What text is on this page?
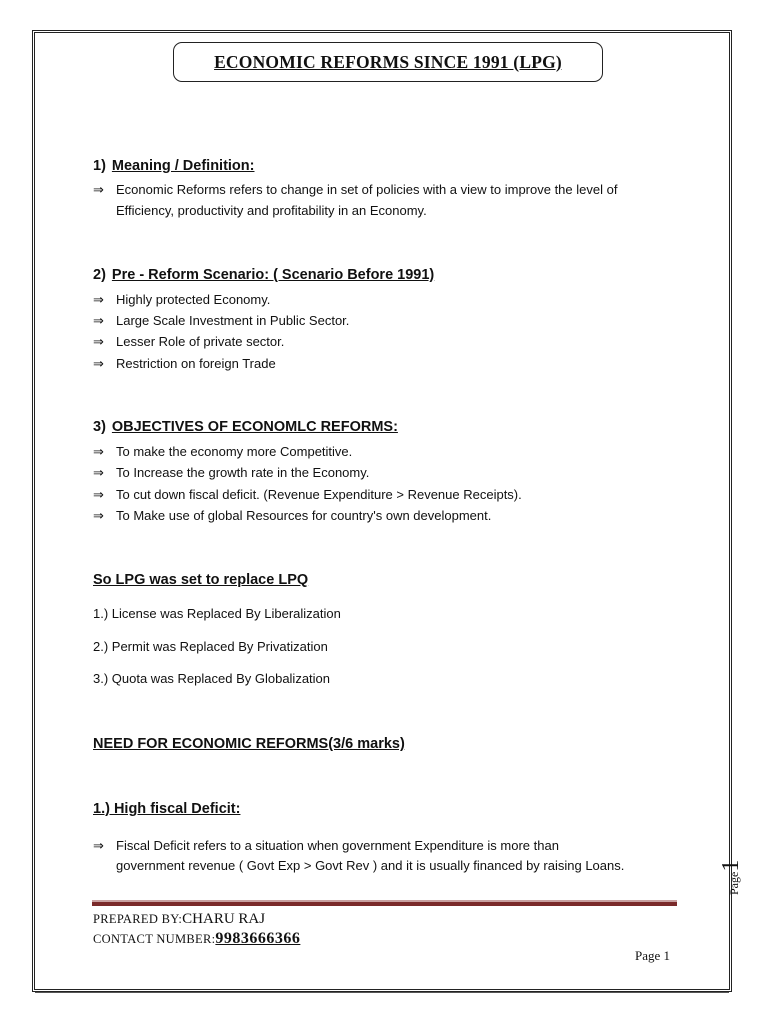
ECONOMIC REFORMS SINCE 1991 (LPG)
1) Meaning / Definition:
⇒ Economic Reforms refers to change in set of policies with a view to improve the level of
Efficiency, productivity and profitability in an Economy.
2) Pre - Reform Scenario: ( Scenario Before 1991)
⇒ Highly protected Economy.
⇒ Large Scale Investment in Public Sector.
⇒ Lesser Role of private sector.
⇒ Restriction on foreign Trade
3) OBJECTIVES OF ECONOMLC REFORMS:
⇒ To make the economy more Competitive.
⇒ To Increase the growth rate in the Economy.
⇒ To cut down fiscal deficit. (Revenue Expenditure > Revenue Receipts).
⇒ To Make use of global Resources for country's own development.
So LPG was set to replace LPQ
1.) License was Replaced By Liberalization
2.) Permit was Replaced By Privatization
3.) Quota was Replaced By Globalization
NEED FOR ECONOMIC REFORMS(3/6 marks)
1.) High fiscal Deficit:
⇒ Fiscal Deficit refers to a situation when government Expenditure is more than
government revenue ( Govt Exp > Govt Rev ) and it is usually financed by raising Loans.
Page1
PREPARED BY:CHARU RAJ
CONTACT NUMBER:9983666366
Page 1
